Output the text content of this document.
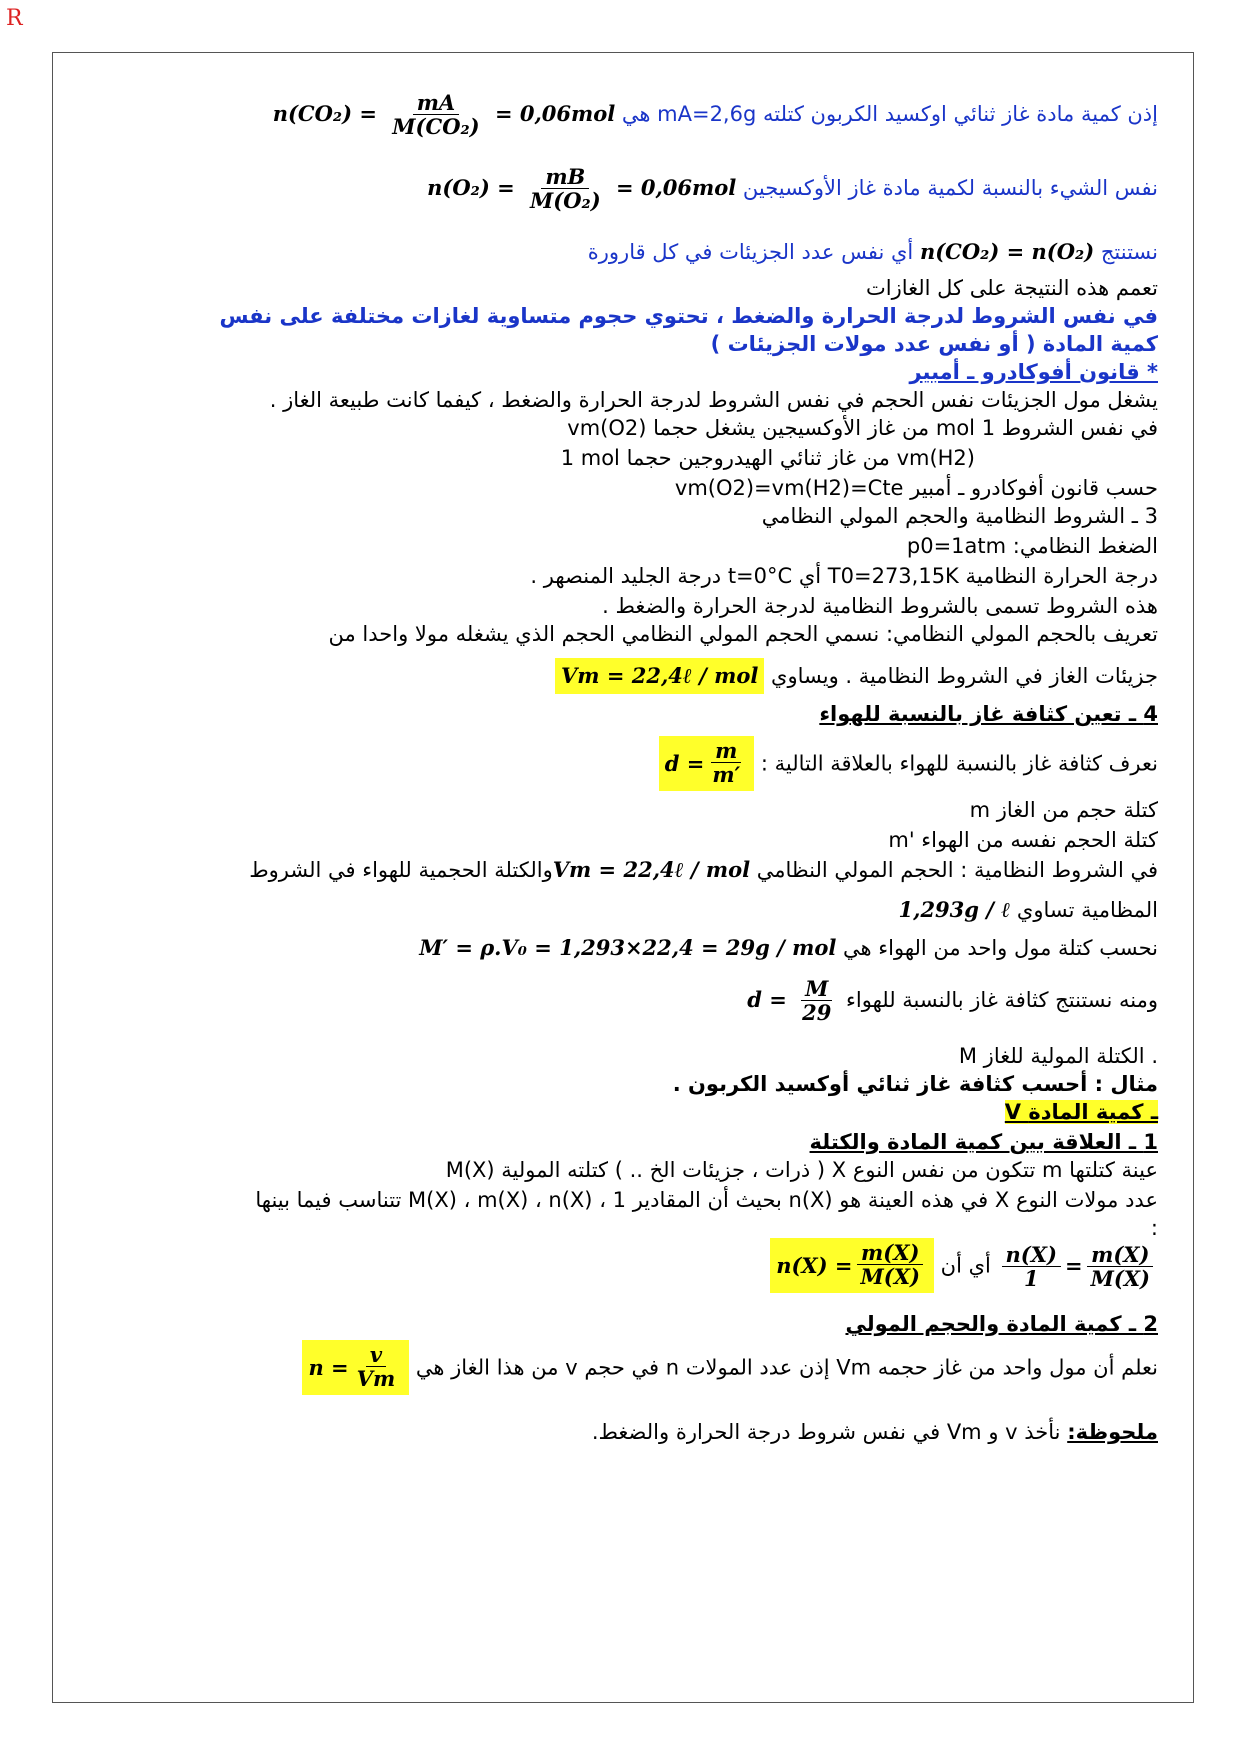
R
إذن كمية مادة غاز ثنائي اوكسيد الكربون كتلته mA=2,6g هي $n(CO_2) = \frac{mA}{\text{M(CO₂)}} = 0,06mol$
نفس الشيء بالنسبة لكمية مادة غاز الأوكسيجين $n(O_2) = \frac{mB}{\text{M(O₂)}} = 0,06mol$
نستنتج n(CO₂) = n(O₂) أي نفس عدد الجزيئات في كل قارورة
تعمم هذه النتيجة على كل الغازات
في نفس الشروط لدرجة الحرارة والضغط ، تحتوي حجوم متساوية لغازات مختلفة على نفس
كمية المادة ( أو نفس عدد مولات الجزيئات )
* قانون أفوكادرو ـ أمبير
يشغل مول الجزيئات نفس الحجم في نفس الشروط لدرجة الحرارة والضغط ، كيفما كانت طبيعة الغاز .
في نفس الشروط 1 mol من غاز الأوكسيجين يشغل حجما vm(O2)
1 mol من غاز ثنائي الهيدروجين حجما vm(H2)
حسب قانون أفوكادرو ـ أمبير vm(O2)=vm(H2)=Cte
3 ـ الشروط النظامية والحجم المولي النظامي
الضغط النظامي: p0=1atm
درجة الحرارة النظامية T0=273,15K أي t=0°C درجة الجليد المنصهر .
هذه الشروط تسمى بالشروط النظامية لدرجة الحرارة والضغط .
تعريف بالحجم المولي النظامي: نسمي الحجم المولي النظامي الحجم الذي يشغله مولا واحدا من
جزيئات الغاز في الشروط النظامية . ويساوي Vm = 22,4ℓ / mol
4 ـ تعين كثافة غاز بالنسبة للهواء
نعرف كثافة غاز بالنسبة للهواء بالعلاقة التالية :
$d = \frac{m}{m'}$
m كتلة حجم من الغاز
m' كتلة الحجم نفسه من الهواء
في الشروط النظامية : الحجم المولي النظامي Vm = 22,4ℓ / molوالكتلة الحجمية للهواء في الشروط
المظامية تساوي 1,293g / ℓ
نحسب كتلة مول واحد من الهواء هي M′ = ρ.V₀ = 1,293×22,4 = 29g / mol
ومنه نستنتج كثافة غاز بالنسبة للهواء $d = \frac{M}{29}$
M الكتلة المولية للغاز .
مثال : أحسب كثافة غاز ثنائي أوكسيد الكربون .
V ـ كمية المادة
1 ـ العلاقة بين كمية المادة والكتلة
عينة كتلتها m تتكون من نفس النوع X ( ذرات ، جزيئات الخ .. ) كتلته المولية M(X)
عدد مولات النوع X في هذه العينة هو n(X) بحيث أن المقادير 1 ، M(X) ، m(X) ، n(X) تتناسب فيما بينها
:
$\frac{n(X)}{1} = \frac{m(X)}{M(X)}$
أي أن
$n(X) = \frac{m(X)}{M(X)}$
2 ـ كمية المادة والحجم المولي
نعلم أن مول واحد من غاز حجمه Vm إذن عدد المولات n في حجم v من هذا الغاز هي
$n = \frac{v}{Vm}$
ملحوظة: نأخذ v و Vm في نفس شروط درجة الحرارة والضغط.
